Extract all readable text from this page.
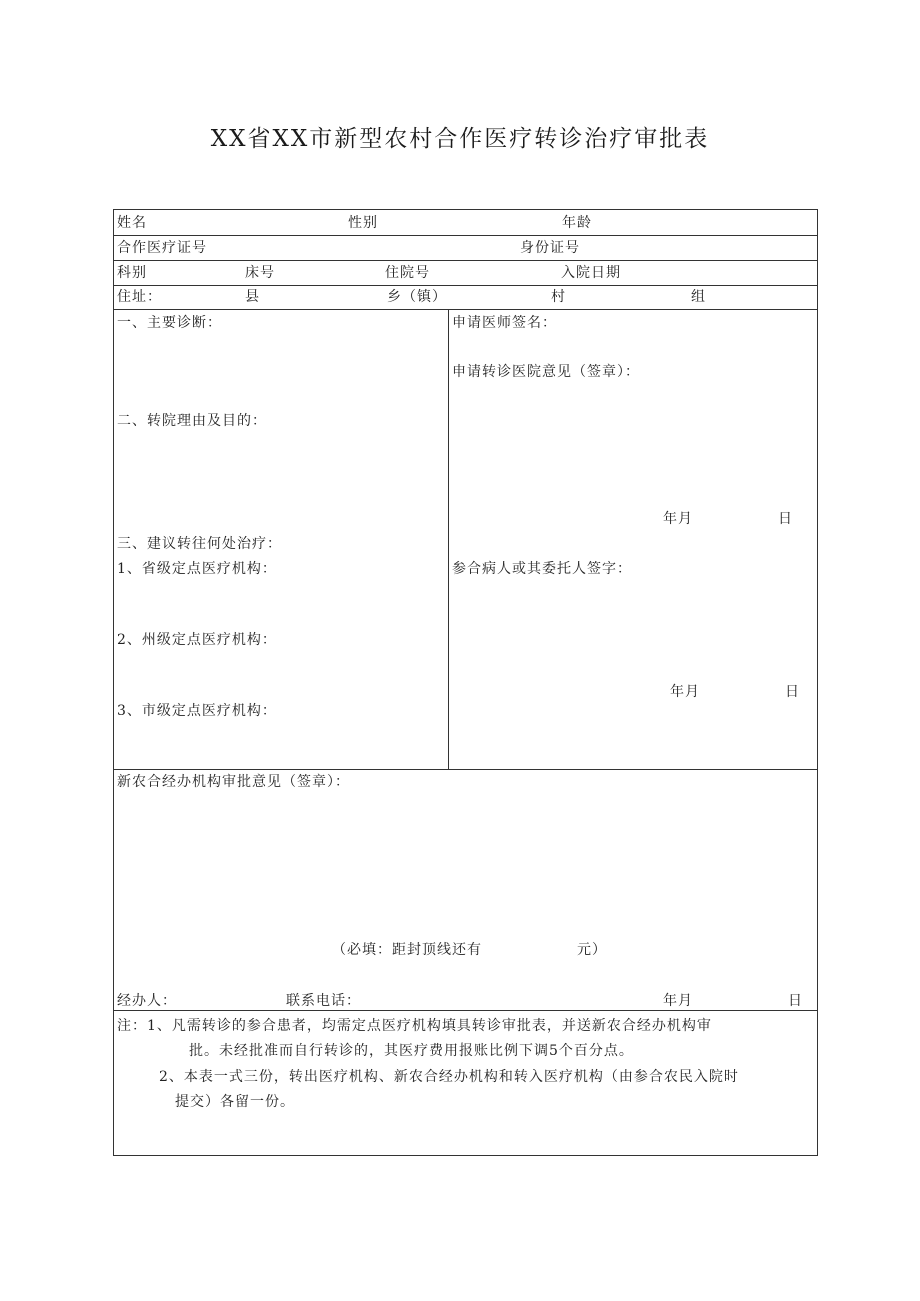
XX省XX市新型农村合作医疗转诊治疗审批表
姓名	性别	年龄
合作医疗证号	身份证号
科别	床号	住院号	入院日期
住址：	县	乡（镇）	村	组
一、主要诊断：
二、转院理由及目的：
三、建议转往何处治疗：
1、省级定点医疗机构：
2、州级定点医疗机构：
3、市级定点医疗机构：
申请医师签名：
申请转诊医院意见（签章）：
年月	日
参合病人或其委托人签字：
年月	日
新农合经办机构审批意见（签章）：
（必填：距封顶线还有	元）
经办人：	联系电话：	年月	日
注：1、凡需转诊的参合患者，均需定点医疗机构填具转诊审批表，并送新农合经办机构审
批。未经批准而自行转诊的，其医疗费用报账比例下调5个百分点。
2、本表一式三份，转出医疗机构、新农合经办机构和转入医疗机构（由参合农民入院时
提交）各留一份。
